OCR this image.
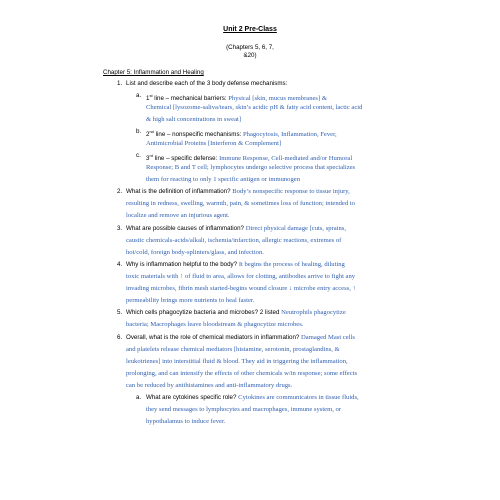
Unit 2 Pre-Class
(Chapters 5, 6, 7,
&20)
Chapter 5: Inflammation and Healing
1. List and describe each of the 3 body defense mechanisms:
a. 1st line – mechanical barriers: Physical [skin, mucus membranes] &
Chemical [lysozome-saliva/tears, skin’s acidic pH & fatty acid content, lactic acid
& high salt concentrations in sweat]
b. 2nd line – nonspecific mechanisms: Phagocytosis, Inflammation, Fever,
Antimicrobial Proteins [Interferon & Complement]
c. 3rd line – specific defense: Immune Response, Cell-mediated and/or Humoral
Response; B and T cell; lymphocytes undergo selective process that specializes
them for reacting to only 1 specific antigen or immunogen
2. What is the definition of inflammation? Body’s nonspecific response to tissue injury,
resulting in redness, swelling, warmth, pain, & sometimes loss of function; intended to
localize and remove an injurious agent.
3. What are possible causes of inflammation? Direct physical damage [cuts, sprains,
caustic chemicals-acids/alkali, ischemia/infarction, allergic reactions, extremes of
hot/cold, foreign body-splinters/glass, and infection.
4. Why is inflammation helpful to the body? It begins the process of healing, diluting
toxic materials with ↑ of fluid to area, allows for clotting, antibodies arrive to fight any
invading microbes, fibrin mesh started-begins wound closure ↓ microbe entry access, ↑
permeability brings more nutrients to heal faster.
5. Which cells phagocytize bacteria and microbes? 2 listed Neutrophils phagocytize
bacteria; Macrophages leave bloodstream & phagocytize microbes.
6. Overall, what is the role of chemical mediators in inflammation? Damaged Mast cells
and platelets release chemical mediators [histamine, serotonin, prostaglandins, &
leukotrienes] into interstitial fluid & blood. They aid in triggering the inflammation,
prolonging, and can intensify the effects of other chemicals w/in response; some effects
can be reduced by antihistamines and anti-inflammatory drugs.
a. What are cytokines specific role? Cytokines are communicators in tissue fluids,
they send messages to lymphocytes and macrophages, immune system, or
hypothalamus to induce fever.
